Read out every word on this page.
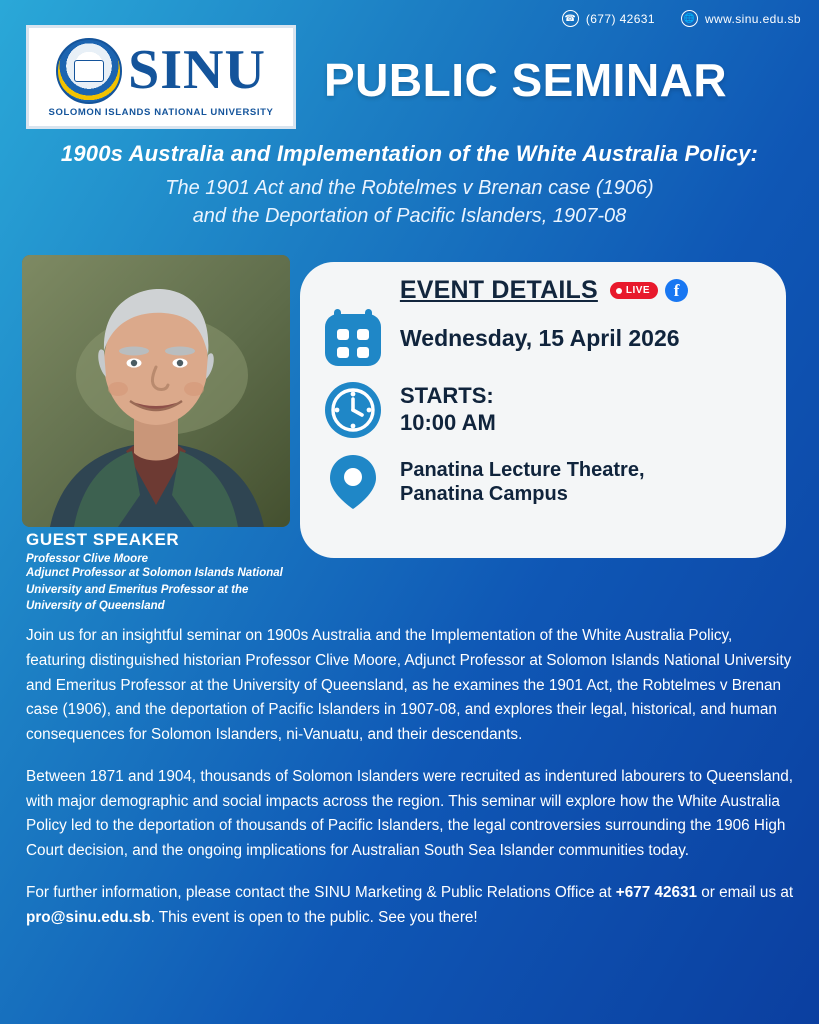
☎ (677) 42631	🌐 www.sinu.edu.sb
SINU
SOLOMON ISLANDS NATIONAL UNIVERSITY
PUBLIC SEMINAR
1900s Australia and Implementation of the White Australia Policy:
The 1901 Act and the Robtelmes v Brenan case (1906)
and the Deportation of Pacific Islanders, 1907-08
GUEST SPEAKER
Professor Clive Moore
Adjunct Professor at Solomon Islands National
University and Emeritus Professor at the
University of Queensland
EVENT DETAILS	LIVE	f
Wednesday, 15 April 2026
STARTS:
10:00 AM
Panatina Lecture Theatre,
Panatina Campus

Join us for an insightful seminar on 1900s Australia and the Implementation of the White Australia Policy, featuring distinguished historian Professor Clive Moore, Adjunct Professor at Solomon Islands National University and Emeritus Professor at the University of Queensland, as he examines the 1901 Act, the Robtelmes v Brenan case (1906), and the deportation of Pacific Islanders in 1907-08, and explores their legal, historical, and human consequences for Solomon Islanders, ni-Vanuatu, and their descendants.

Between 1871 and 1904, thousands of Solomon Islanders were recruited as indentured labourers to Queensland, with major demographic and social impacts across the region. This seminar will explore how the White Australia Policy led to the deportation of thousands of Pacific Islanders, the legal controversies surrounding the 1906 High Court decision, and the ongoing implications for Australian South Sea Islander communities today.

For further information, please contact the SINU Marketing & Public Relations Office at +677 42631 or email us at pro@sinu.edu.sb. This event is open to the public. See you there!
